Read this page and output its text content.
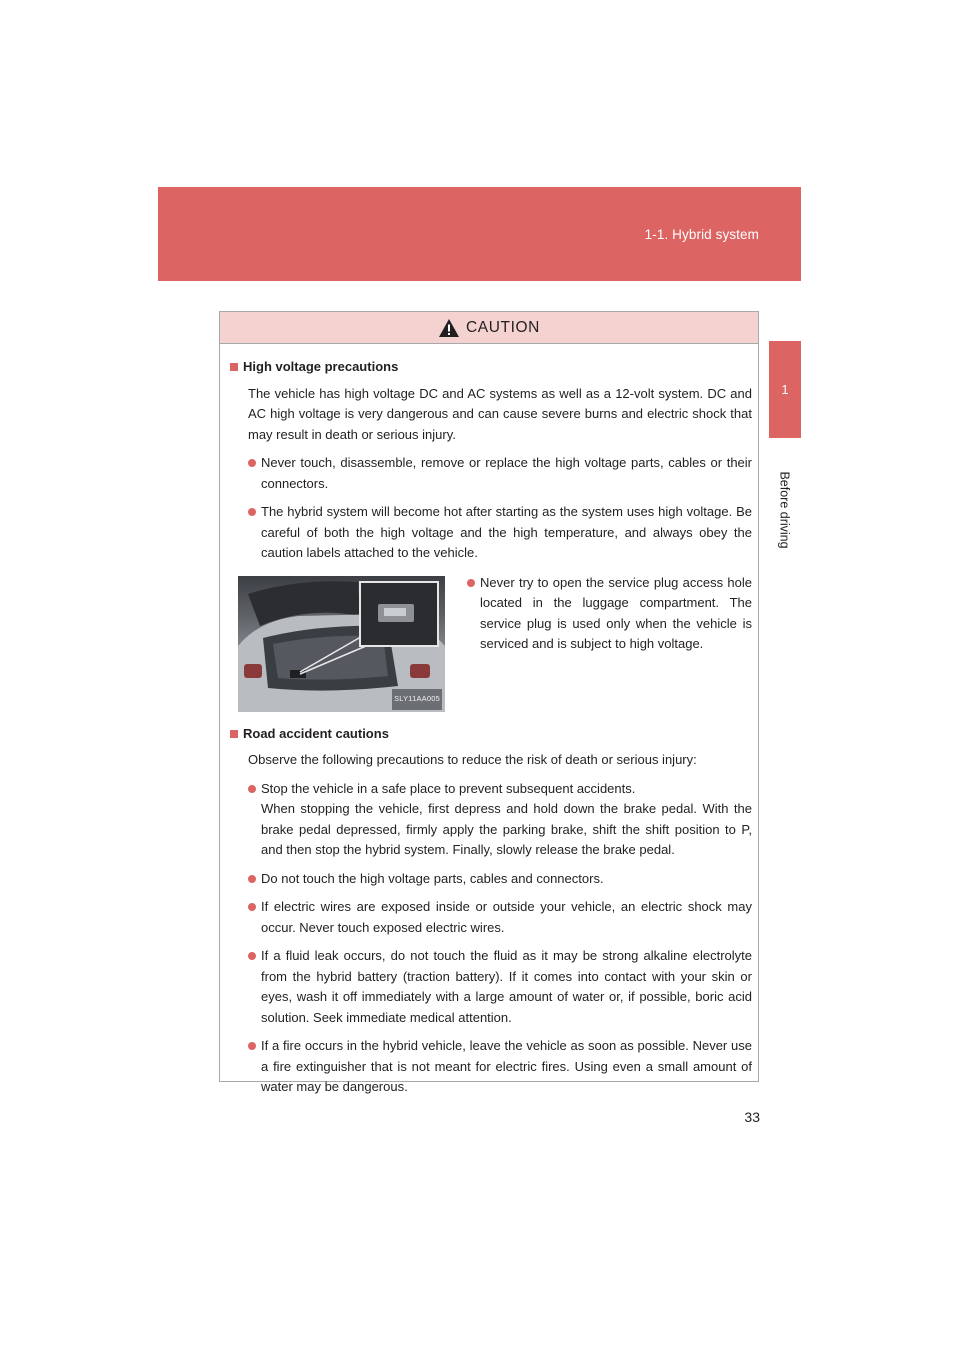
1-1. Hybrid system
1
Before driving
CAUTION
High voltage precautions
The vehicle has high voltage DC and AC systems as well as a 12-volt system. DC and AC high voltage is very dangerous and can cause severe burns and electric shock that may result in death or serious injury.
Never touch, disassemble, remove or replace the high voltage parts, cables or their connectors.
The hybrid system will become hot after starting as the system uses high voltage. Be careful of both the high voltage and the high temperature, and always obey the caution labels attached to the vehicle.
SLY11AA005
Never try to open the service plug access hole located in the luggage compartment. The service plug is used only when the vehicle is serviced and is subject to high voltage.
Road accident cautions
Observe the following precautions to reduce the risk of death or serious injury:
Stop the vehicle in a safe place to prevent subsequent accidents.
When stopping the vehicle, first depress and hold down the brake pedal. With the brake pedal depressed, firmly apply the parking brake, shift the shift position to P, and then stop the hybrid system. Finally, slowly release the brake pedal.
Do not touch the high voltage parts, cables and connectors.
If electric wires are exposed inside or outside your vehicle, an electric shock may occur. Never touch exposed electric wires.
If a fluid leak occurs, do not touch the fluid as it may be strong alkaline electrolyte from the hybrid battery (traction battery). If it comes into contact with your skin or eyes, wash it off immediately with a large amount of water or, if possible, boric acid solution. Seek immediate medical attention.
If a fire occurs in the hybrid vehicle, leave the vehicle as soon as possible. Never use a fire extinguisher that is not meant for electric fires. Using even a small amount of water may be dangerous.
33
